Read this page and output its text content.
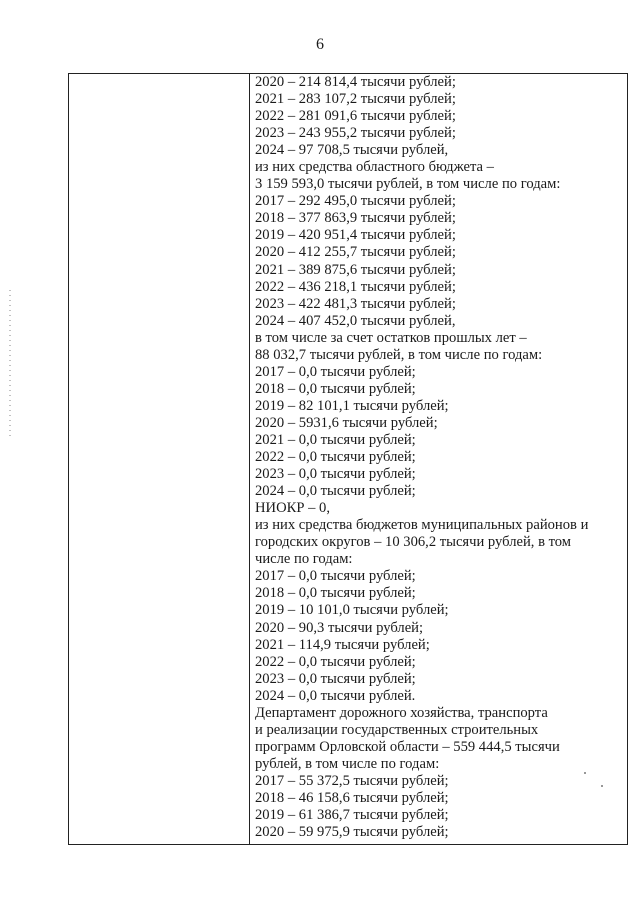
6
2020 – 214 814,4 тысячи рублей;
2021 – 283 107,2 тысячи рублей;
2022 – 281 091,6 тысячи рублей;
2023 – 243 955,2 тысячи рублей;
2024 – 97 708,5 тысячи рублей,
из них средства областного бюджета –
3 159 593,0 тысячи рублей, в том числе по годам:
2017 – 292 495,0 тысячи рублей;
2018 – 377 863,9 тысячи рублей;
2019 – 420 951,4 тысячи рублей;
2020 – 412 255,7 тысячи рублей;
2021 – 389 875,6 тысячи рублей;
2022 – 436 218,1 тысячи рублей;
2023 – 422 481,3 тысячи рублей;
2024 – 407 452,0 тысячи рублей,
в том числе за счет остатков прошлых лет –
88 032,7 тысячи рублей, в том числе по годам:
2017 – 0,0 тысячи рублей;
2018 – 0,0 тысячи рублей;
2019 – 82 101,1 тысячи рублей;
2020 – 5931,6 тысячи рублей;
2021 – 0,0 тысячи рублей;
2022 – 0,0 тысячи рублей;
2023 – 0,0 тысячи рублей;
2024 – 0,0 тысячи рублей;
НИОКР – 0,
из них средства бюджетов муниципальных районов и
городских округов – 10 306,2 тысячи рублей, в том
числе по годам:
2017 – 0,0 тысячи рублей;
2018 – 0,0 тысячи рублей;
2019 – 10 101,0 тысячи рублей;
2020 – 90,3 тысячи рублей;
2021 – 114,9 тысячи рублей;
2022 – 0,0 тысячи рублей;
2023 – 0,0 тысячи рублей;
2024 – 0,0 тысячи рублей.
Департамент дорожного хозяйства, транспорта
и реализации государственных строительных
программ Орловской области – 559 444,5 тысячи
рублей, в том числе по годам:
2017 – 55 372,5 тысячи рублей;
2018 – 46 158,6 тысячи рублей;
2019 – 61 386,7 тысячи рублей;
2020 – 59 975,9 тысячи рублей;
